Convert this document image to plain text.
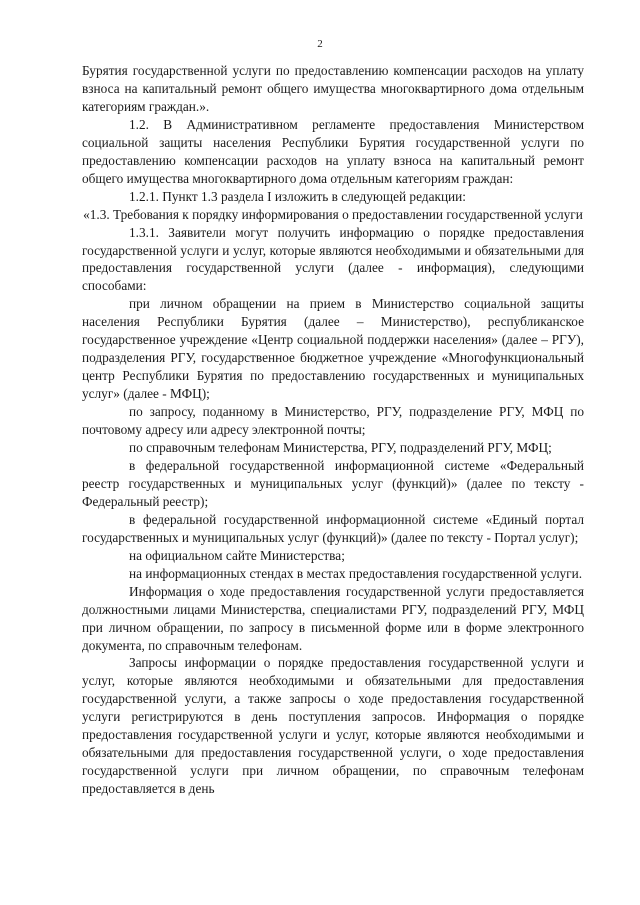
2

Бурятия государственной услуги по предоставлению компенсации расходов на уплату взноса на капитальный ремонт общего имущества многоквартирного дома отдельным категориям граждан.».

1.2. В Административном регламенте предоставления Министерством социальной защиты населения Республики Бурятия государственной услуги по предоставлению компенсации расходов на уплату взноса на капитальный ремонт общего имущества многоквартирного дома отдельным категориям граждан:

1.2.1. Пункт 1.3 раздела I изложить в следующей редакции:

«1.3. Требования к порядку информирования о предоставлении государственной услуги

1.3.1. Заявители могут получить информацию о порядке предоставления государственной услуги и услуг, которые являются необходимыми и обязательными для предоставления государственной услуги (далее - информация), следующими способами:

при личном обращении на прием в Министерство социальной защиты населения Республики Бурятия (далее – Министерство), республиканское государственное учреждение «Центр социальной поддержки населения» (далее – РГУ), подразделения РГУ, государственное бюджетное учреждение «Многофункциональный центр Республики Бурятия по предоставлению государственных и муниципальных услуг» (далее - МФЦ);

по запросу, поданному в Министерство, РГУ, подразделение РГУ, МФЦ по почтовому адресу или адресу электронной почты;

по справочным телефонам Министерства, РГУ, подразделений РГУ, МФЦ;

в федеральной государственной информационной системе «Федеральный реестр государственных и муниципальных услуг (функций)» (далее по тексту - Федеральный реестр);

в федеральной государственной информационной системе «Единый портал государственных и муниципальных услуг (функций)» (далее по тексту - Портал услуг);

на официальном сайте Министерства;

на информационных стендах в местах предоставления государственной услуги.

Информация о ходе предоставления государственной услуги предоставляется должностными лицами Министерства, специалистами РГУ, подразделений РГУ, МФЦ при личном обращении, по запросу в письменной форме или в форме электронного документа, по справочным телефонам.

Запросы информации о порядке предоставления государственной услуги и услуг, которые являются необходимыми и обязательными для предоставления государственной услуги, а также запросы о ходе предоставления государственной услуги регистрируются в день поступления запросов. Информация о порядке предоставления государственной услуги и услуг, которые являются необходимыми и обязательными для предоставления государственной услуги, о ходе предоставления государственной услуги при личном обращении, по справочным телефонам предоставляется в день
